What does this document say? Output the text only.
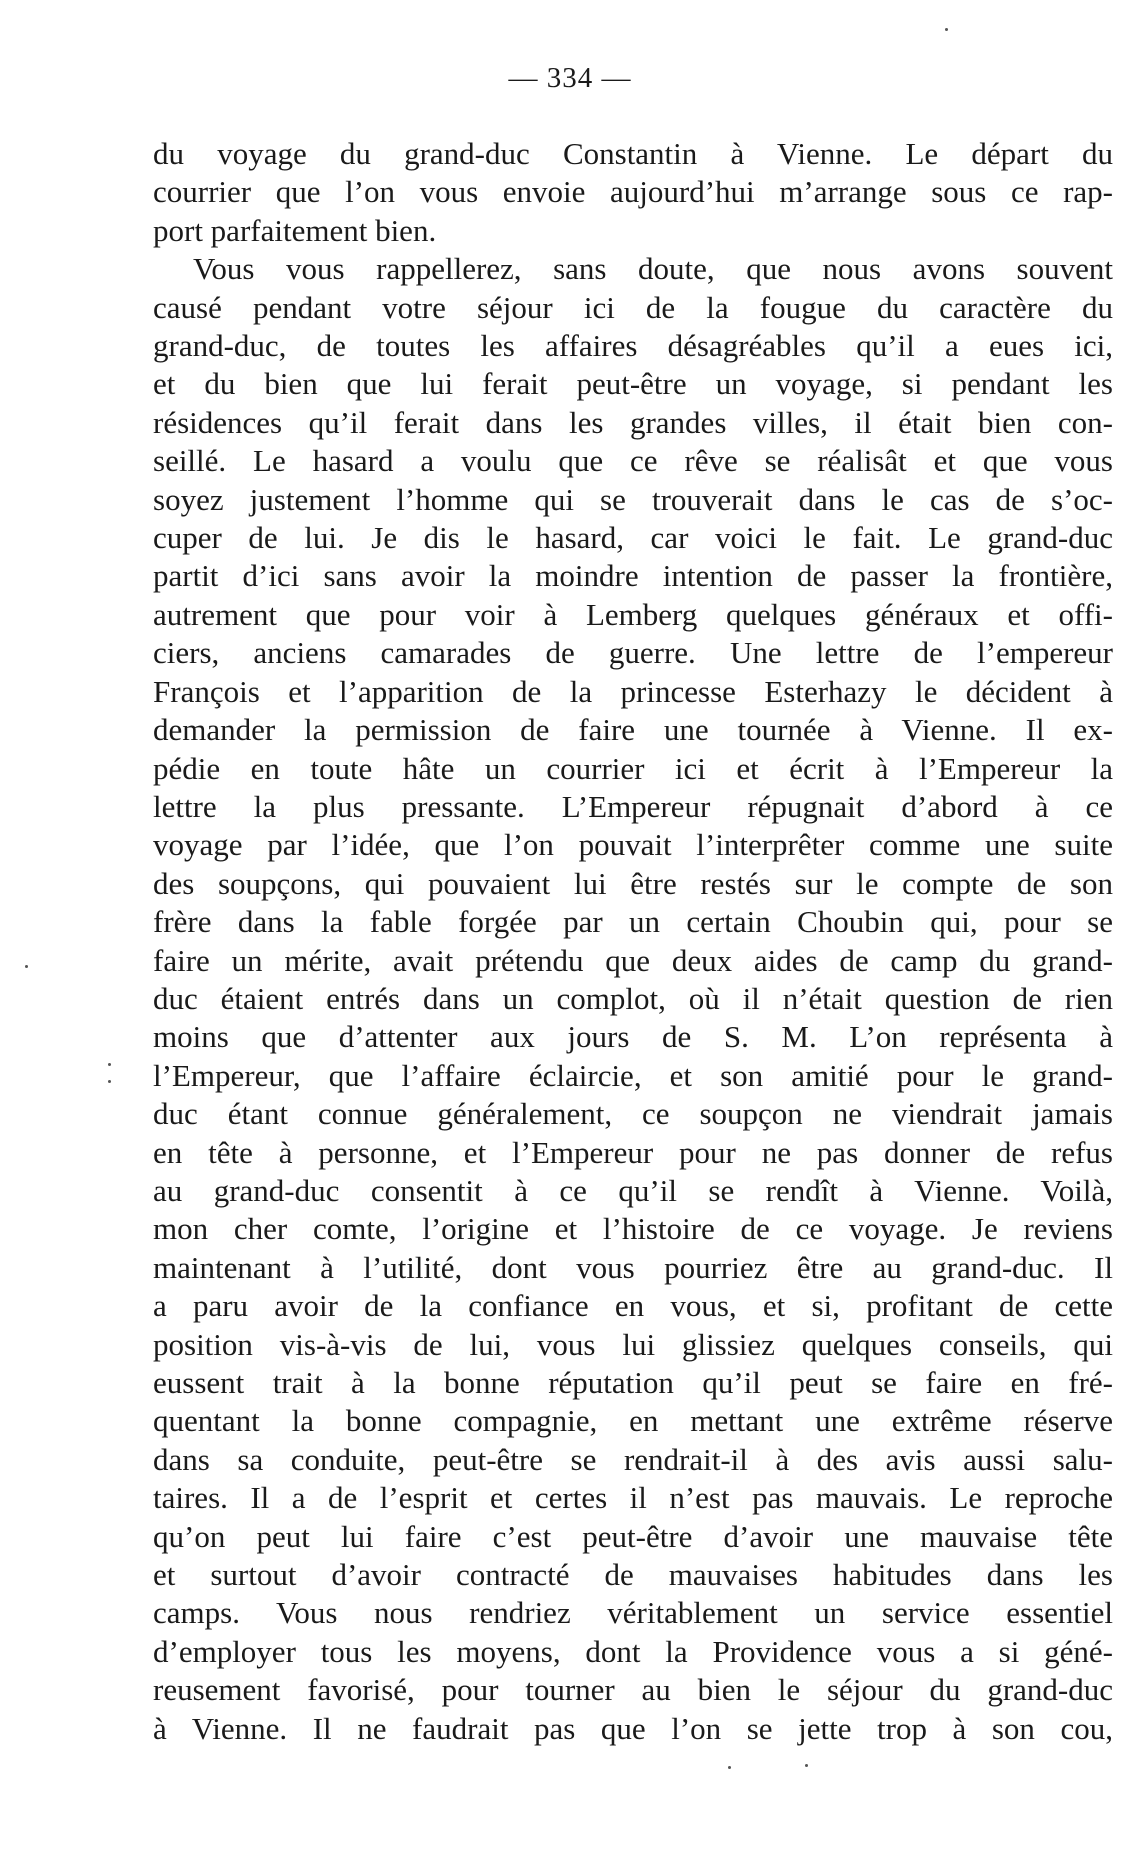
— 334 —
du voyage du grand-duc Constantin à Vienne. Le départ du
courrier que l’on vous envoie aujourd’hui m’arrange sous ce rap-
port parfaitement bien.
Vous vous rappellerez, sans doute, que nous avons souvent
causé pendant votre séjour ici de la fougue du caractère du
grand-duc, de toutes les affaires désagréables qu’il a eues ici,
et du bien que lui ferait peut-être un voyage, si pendant les
résidences qu’il ferait dans les grandes villes, il était bien con-
seillé. Le hasard a voulu que ce rêve se réalisât et que vous
soyez justement l’homme qui se trouverait dans le cas de s’oc-
cuper de lui. Je dis le hasard, car voici le fait. Le grand-duc
partit d’ici sans avoir la moindre intention de passer la frontière,
autrement que pour voir à Lemberg quelques généraux et offi-
ciers, anciens camarades de guerre. Une lettre de l’empereur
François et l’apparition de la princesse Esterhazy le décident à
demander la permission de faire une tournée à Vienne. Il ex-
pédie en toute hâte un courrier ici et écrit à l’Empereur la
lettre la plus pressante. L’Empereur répugnait d’abord à ce
voyage par l’idée, que l’on pouvait l’interprêter comme une suite
des soupçons, qui pouvaient lui être restés sur le compte de son
frère dans la fable forgée par un certain Choubin qui, pour se
faire un mérite, avait prétendu que deux aides de camp du grand-
duc étaient entrés dans un complot, où il n’était question de rien
moins que d’attenter aux jours de S. M. L’on représenta à
l’Empereur, que l’affaire éclaircie, et son amitié pour le grand-
duc étant connue généralement, ce soupçon ne viendrait jamais
en tête à personne, et l’Empereur pour ne pas donner de refus
au grand-duc consentit à ce qu’il se rendît à Vienne. Voilà,
mon cher comte, l’origine et l’histoire de ce voyage. Je reviens
maintenant à l’utilité, dont vous pourriez être au grand-duc. Il
a paru avoir de la confiance en vous, et si, profitant de cette
position vis-à-vis de lui, vous lui glissiez quelques conseils, qui
eussent trait à la bonne réputation qu’il peut se faire en fré-
quentant la bonne compagnie, en mettant une extrême réserve
dans sa conduite, peut-être se rendrait-il à des avis aussi salu-
taires. Il a de l’esprit et certes il n’est pas mauvais. Le reproche
qu’on peut lui faire c’est peut-être d’avoir une mauvaise tête
et surtout d’avoir contracté de mauvaises habitudes dans les
camps. Vous nous rendriez véritablement un service essentiel
d’employer tous les moyens, dont la Providence vous a si géné-
reusement favorisé, pour tourner au bien le séjour du grand-duc
à Vienne. Il ne faudrait pas que l’on se jette trop à son cou,
